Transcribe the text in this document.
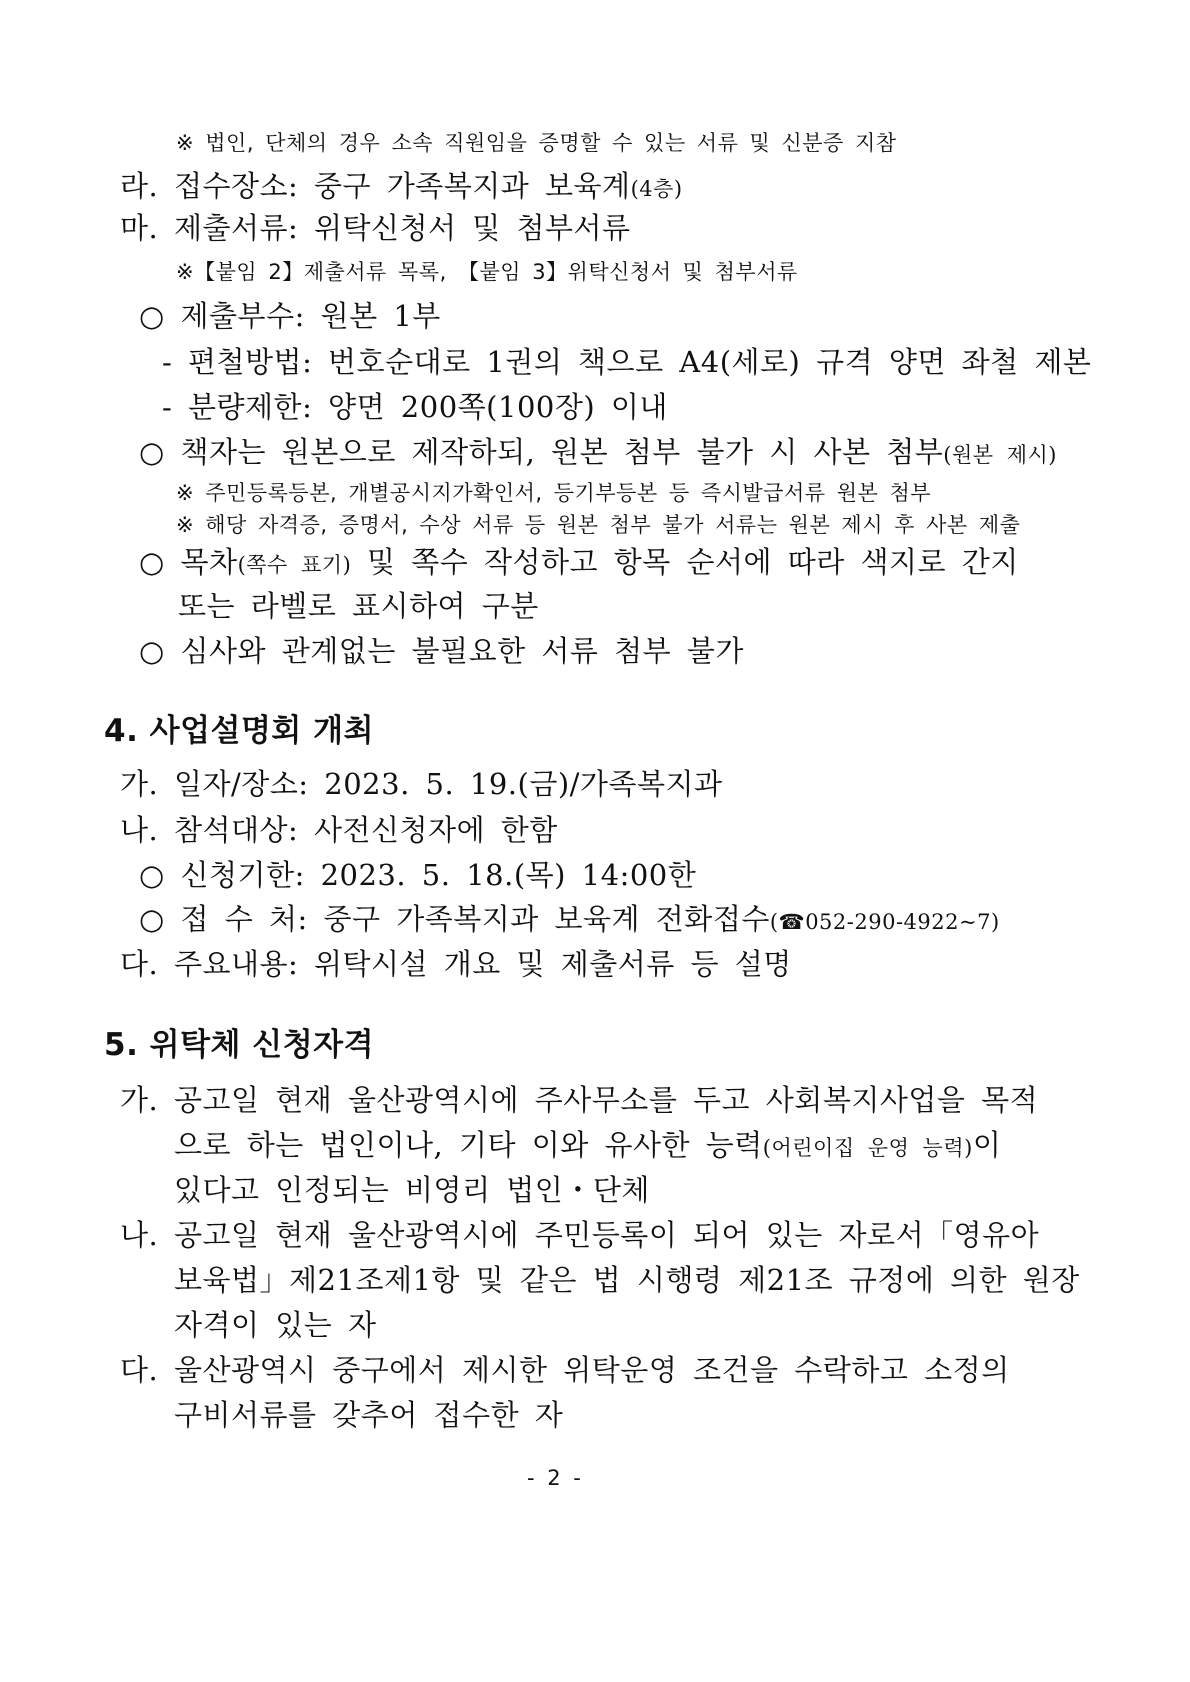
※ 법인, 단체의 경우 소속 직원임을 증명할 수 있는 서류 및 신분증 지참
라. 접수장소: 중구 가족복지과 보육계(4층)
마. 제출서류: 위탁신청서 및 첨부서류
※【붙임 2】제출서류 목록, 【붙임 3】위탁신청서 및 첨부서류
○ 제출부수: 원본 1부
- 편철방법: 번호순대로 1권의 책으로 A4(세로) 규격 양면 좌철 제본
- 분량제한: 양면 200쪽(100장) 이내
○ 책자는 원본으로 제작하되, 원본 첨부 불가 시 사본 첨부(원본 제시)
※ 주민등록등본, 개별공시지가확인서, 등기부등본 등 즉시발급서류 원본 첨부
※ 해당 자격증, 증명서, 수상 서류 등 원본 첨부 불가 서류는 원본 제시 후 사본 제출
○ 목차(쪽수 표기) 및 쪽수 작성하고 항목 순서에 따라 색지로 간지
또는 라벨로 표시하여 구분
○ 심사와 관계없는 불필요한 서류 첨부 불가
4. 사업설명회 개최
가. 일자/장소: 2023. 5. 19.(금)/가족복지과
나. 참석대상: 사전신청자에 한함
○ 신청기한: 2023. 5. 18.(목) 14:00한
○ 접 수 처: 중구 가족복지과 보육계 전화접수(☎052-290-4922~7)
다. 주요내용: 위탁시설 개요 및 제출서류 등 설명
5. 위탁체 신청자격
가. 공고일 현재 울산광역시에 주사무소를 두고 사회복지사업을 목적
으로 하는 법인이나, 기타 이와 유사한 능력(어린이집 운영 능력)이
있다고 인정되는 비영리 법인・단체
나. 공고일 현재 울산광역시에 주민등록이 되어 있는 자로서「영유아
보육법」제21조제1항 및 같은 법 시행령 제21조 규정에 의한 원장
자격이 있는 자
다. 울산광역시 중구에서 제시한 위탁운영 조건을 수락하고 소정의
구비서류를 갖추어 접수한 자
- 2 -
